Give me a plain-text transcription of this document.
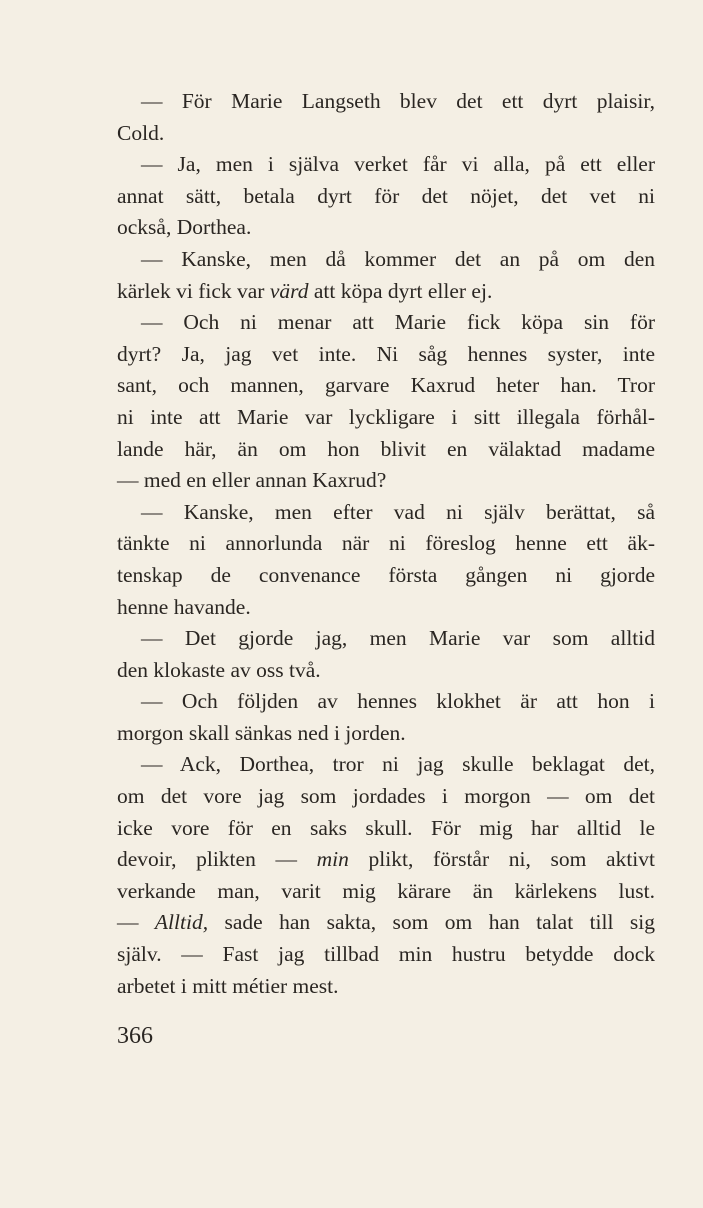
— För Marie Langseth blev det ett dyrt plaisir,

Cold.

— Ja, men i själva verket får vi alla, på ett eller

annat sätt, betala dyrt för det nöjet, det vet ni

också, Dorthea.

— Kanske, men då kommer det an på om den

kärlek vi fick var värd att köpa dyrt eller ej.

— Och ni menar att Marie fick köpa sin för

dyrt? Ja, jag vet inte. Ni såg hennes syster, inte

sant, och mannen, garvare Kaxrud heter han. Tror

ni inte att Marie var lyckligare i sitt illegala förhål-

lande här, än om hon blivit en välaktad madame

— med en eller annan Kaxrud?

— Kanske, men efter vad ni själv berättat, så

tänkte ni annorlunda när ni föreslog henne ett äk-

tenskap de convenance första gången ni gjorde

henne havande.

— Det gjorde jag, men Marie var som alltid

den klokaste av oss två.

— Och följden av hennes klokhet är att hon i

morgon skall sänkas ned i jorden.

— Ack, Dorthea, tror ni jag skulle beklagat det,

om det vore jag som jordades i morgon — om det

icke vore för en saks skull. För mig har alltid le

devoir, plikten — min plikt, förstår ni, som aktivt

verkande man, varit mig kärare än kärlekens lust.

— Alltid, sade han sakta, som om han talat till sig

själv. — Fast jag tillbad min hustru betydde dock

arbetet i mitt métier mest.

366
